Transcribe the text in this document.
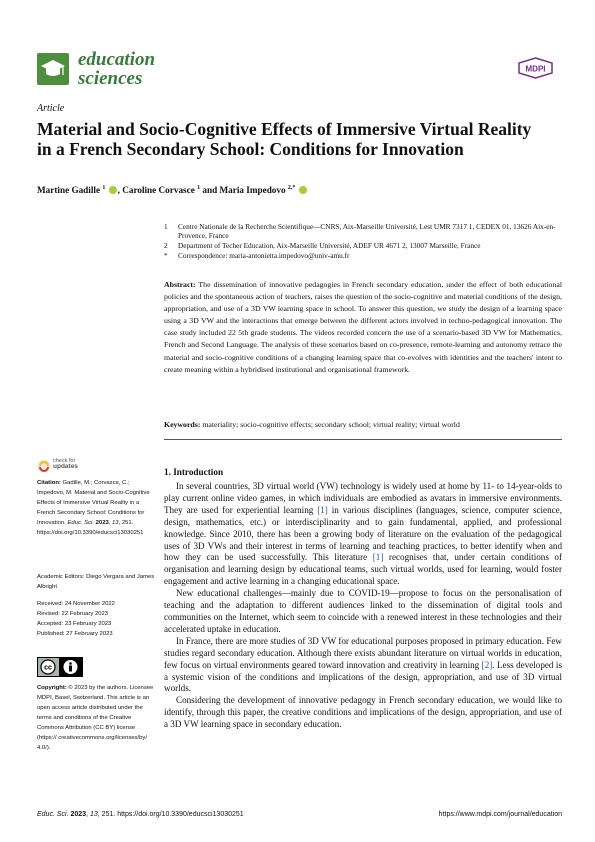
education
sciences	MDPI
Article
Material and Socio-Cognitive Effects of Immersive Virtual Reality in a French Secondary School: Conditions for Innovation
Martine Gadille $^1$ , Caroline Corvasce $^1$ and Maria Impedovo $^{2,*}$
1	Centre Nationale de la Recherche Scientifique—CNRS, Aix-Marseille Université, Lest UMR 7317 1, CEDEX 01, 13626 Aix-en-Provence, France
2	Department of Techer Education, Aix-Marseille Université, ADEF UR 4671 2, 13007 Marseille, France
*	Correspondence: maria-antonietta.impedovo@univ-amu.fr
Abstract: The dissemination of innovative pedagogies in French secondary education, under the effect of both educational policies and the spontaneous action of teachers, raises the question of the socio-cognitive and material conditions of the design, appropriation, and use of a 3D VW learning space in school. To answer this question, we study the design of a learning space using a 3D VW and the interactions that emerge between the different actors involved in techno-pedagogical innovation. The case study included 22 5th grade students. The videos recorded concern the use of a scenario-based 3D VW for Mathematics, French and Second Language. The analysis of these scenarios based on co-presence, remote-learning and autonomy retrace the material and socio-cognitive conditions of a changing learning space that co-evolves with identities and the teachers' intent to create meaning within a hybridised institutional and organisational framework.
Keywords: materiality; socio-cognitive effects; secondary school; virtual reality; virtual world
check for
updates
Citation: Gadille, M.; Corvasce, C.; Impedovo, M. Material and Socio-Cognitive Effects of Immersive Virtual Reality in a French Secondary School: Conditions for Innovation. Educ. Sci. 2023, 13, 251. https://doi.org/10.3390/educsci13030251
Academic Editors: Diego Vergara and James Albright
Received: 24 November 2022
Revised: 22 February 2023
Accepted: 23 February 2023
Published: 27 February 2023
cc
Copyright: © 2023 by the authors. Licensee MDPI, Basel, Switzerland. This article is an open access article distributed under the terms and conditions of the Creative Commons Attribution (CC BY) license (https:// creativecommons.org/licenses/by/ 4.0/).
1. Introduction

In several countries, 3D virtual world (VW) technology is widely used at home by 11- to 14-year-olds to play current online video games, in which individuals are embodied as avatars in immersive environments. They are used for experiential learning [1] in various disciplines (languages, science, computer science, design, mathematics, etc.) or interdisciplinarity and to gain fundamental, applied, and professional knowledge. Since 2010, there has been a growing body of literature on the evaluation of the pedagogical uses of 3D VWs and their interest in terms of learning and teaching practices, to better identify when and how they can be used successfully. This literature [1] recognises that, under certain conditions of organisation and learning design by educational teams, such virtual worlds, used for learning, would foster engagement and active learning in a changing educational space.

New educational challenges—mainly due to COVID-19—propose to focus on the personalisation of teaching and the adaptation to different audiences linked to the dissemination of digital tools and communities on the Internet, which seem to coincide with a renewed interest in these technologies and their accelerated uptake in education.

In France, there are more studies of 3D VW for educational purposes proposed in primary education. Few studies regard secondary education. Although there exists abundant literature on virtual worlds in education, few focus on virtual environments geared toward innovation and creativity in learning [2]. Less developed is a systemic vision of the conditions and implications of the design, appropriation, and use of 3D virtual worlds.

Considering the development of innovative pedagogy in French secondary education, we would like to identify, through this paper, the creative conditions and implications of the design, appropriation, and use of a 3D VW learning space in secondary education.

Educ. Sci. 2023, 13, 251. https://doi.org/10.3390/educsci13030251	https://www.mdpi.com/journal/education
